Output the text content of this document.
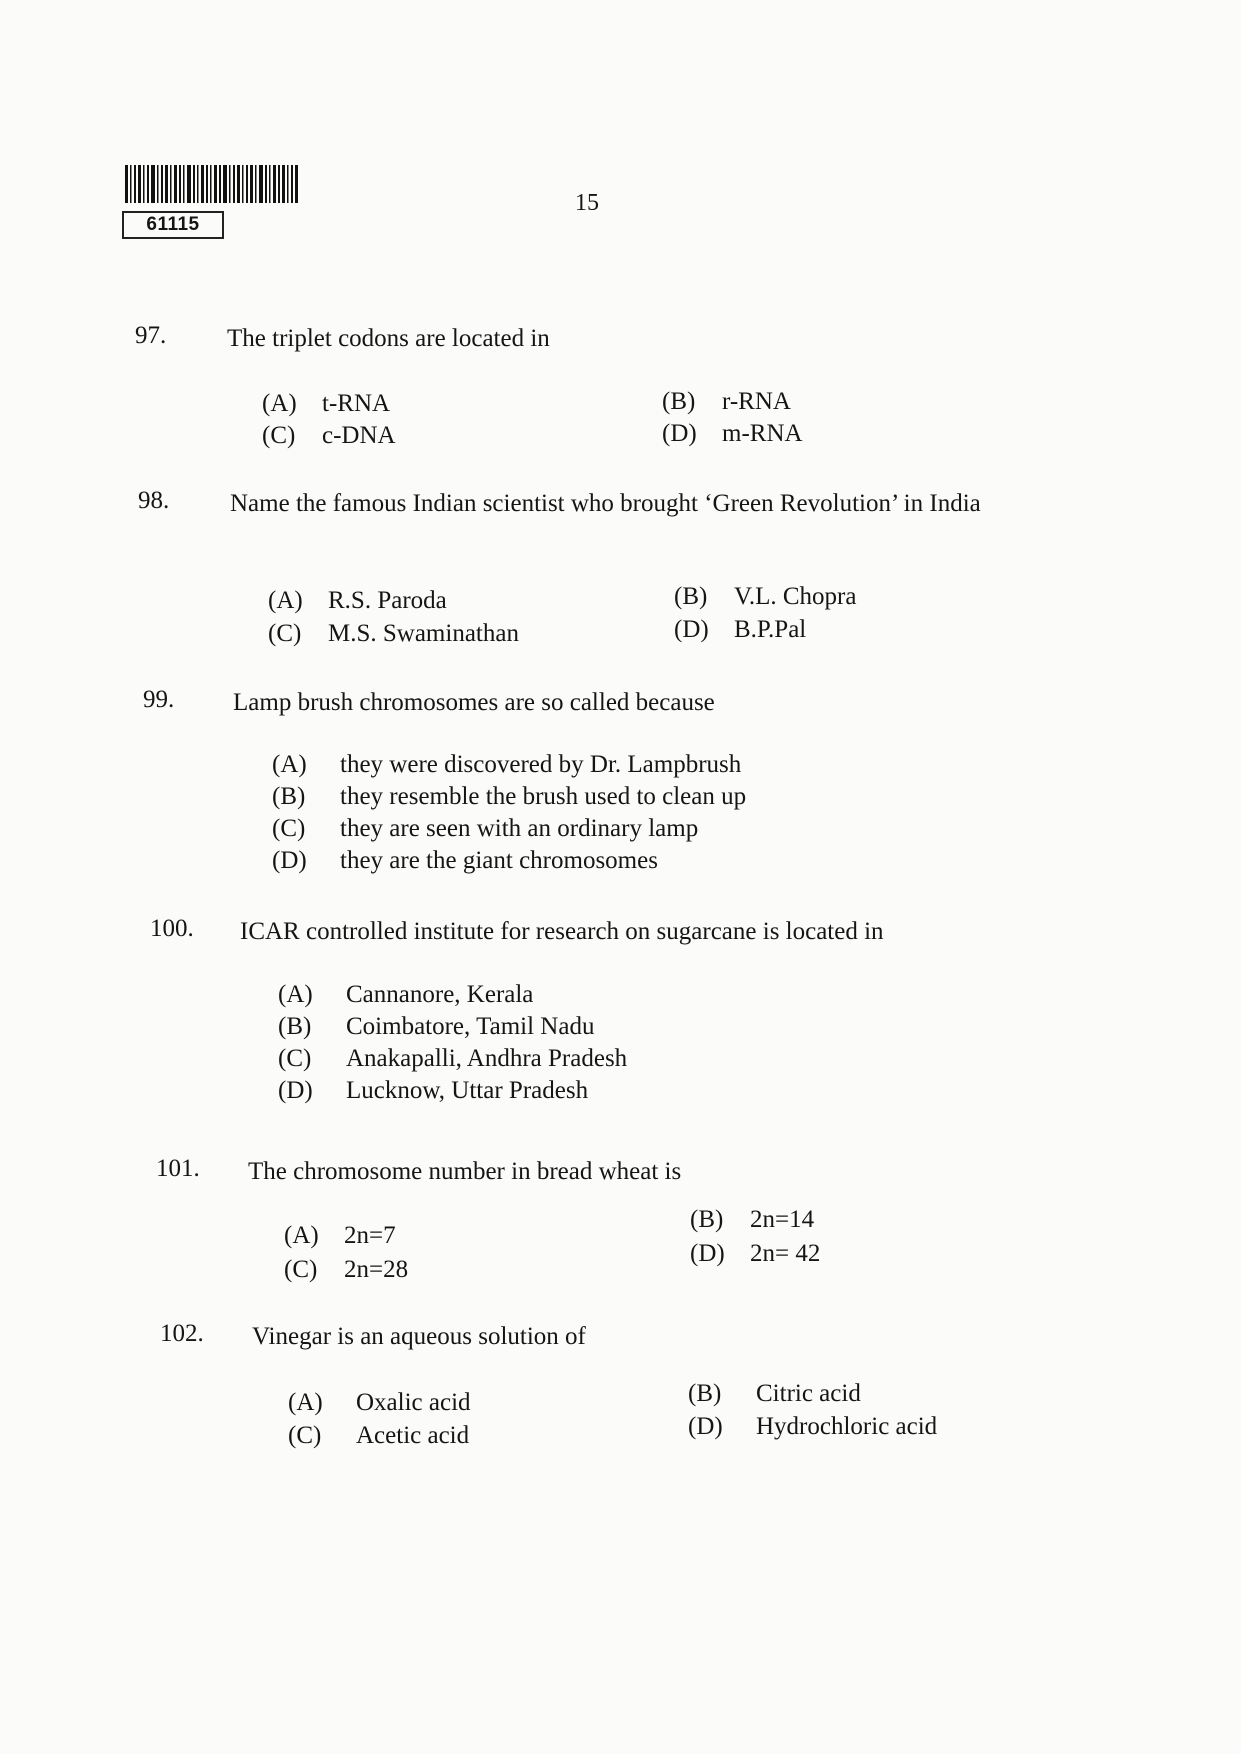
61115
15
97. The triplet codons are located in
(A) t-RNA	(B) r-RNA
(C) c-DNA	(D) m-RNA
98. Name the famous Indian scientist who brought ‘Green Revolution’ in India
(A) R.S. Paroda	(B) V.L. Chopra
(C) M.S. Swaminathan	(D) B.P.Pal
99. Lamp brush chromosomes are so called because
(A) they were discovered by Dr. Lampbrush
(B) they resemble the brush used to clean up
(C) they are seen with an ordinary lamp
(D) they are the giant chromosomes
100. ICAR controlled institute for research on sugarcane is located in
(A) Cannanore, Kerala
(B) Coimbatore, Tamil Nadu
(C) Anakapalli, Andhra Pradesh
(D) Lucknow, Uttar Pradesh
101. The chromosome number in bread wheat is
(A) 2n=7
(B) 2n=14
(C) 2n=28
(D) 2n= 42
102. Vinegar is an aqueous solution of
(A) Oxalic acid	(B) Citric acid
(C) Acetic acid	(D) Hydrochloric acid
